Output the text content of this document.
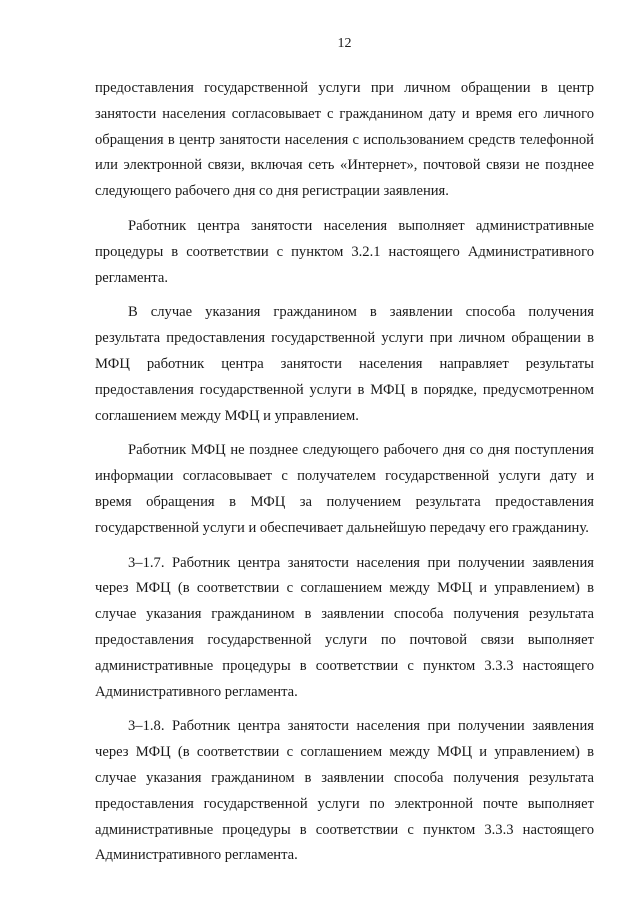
12

предоставления государственной услуги при личном обращении в центр занятости населения согласовывает с гражданином дату и время его личного обращения в центр занятости населения с использованием средств телефонной или электронной связи, включая сеть «Интернет», почтовой связи не позднее следующего рабочего дня со дня регистрации заявления.

Работник центра занятости населения выполняет административные процедуры в соответствии с пунктом 3.2.1 настоящего Административного регламента.

В случае указания гражданином в заявлении способа получения результата предоставления государственной услуги при личном обращении в МФЦ работник центра занятости населения направляет результаты предоставления государственной услуги в МФЦ в порядке, предусмотренном соглашением между МФЦ и управлением.

Работник МФЦ не позднее следующего рабочего дня со дня поступления информации согласовывает с получателем государственной услуги дату и время обращения в МФЦ за получением результата предоставления государственной услуги и обеспечивает дальнейшую передачу его гражданину.

3–1.7. Работник центра занятости населения при получении заявления через МФЦ (в соответствии с соглашением между МФЦ и управлением) в случае указания гражданином в заявлении способа получения результата предоставления государственной услуги по почтовой связи выполняет административные процедуры в соответствии с пунктом 3.3.3 настоящего Административного регламента.

3–1.8. Работник центра занятости населения при получении заявления через МФЦ (в соответствии с соглашением между МФЦ и управлением) в случае указания гражданином в заявлении способа получения результата предоставления государственной услуги по электронной почте выполняет административные процедуры в соответствии с пунктом 3.3.3 настоящего Административного регламента.
